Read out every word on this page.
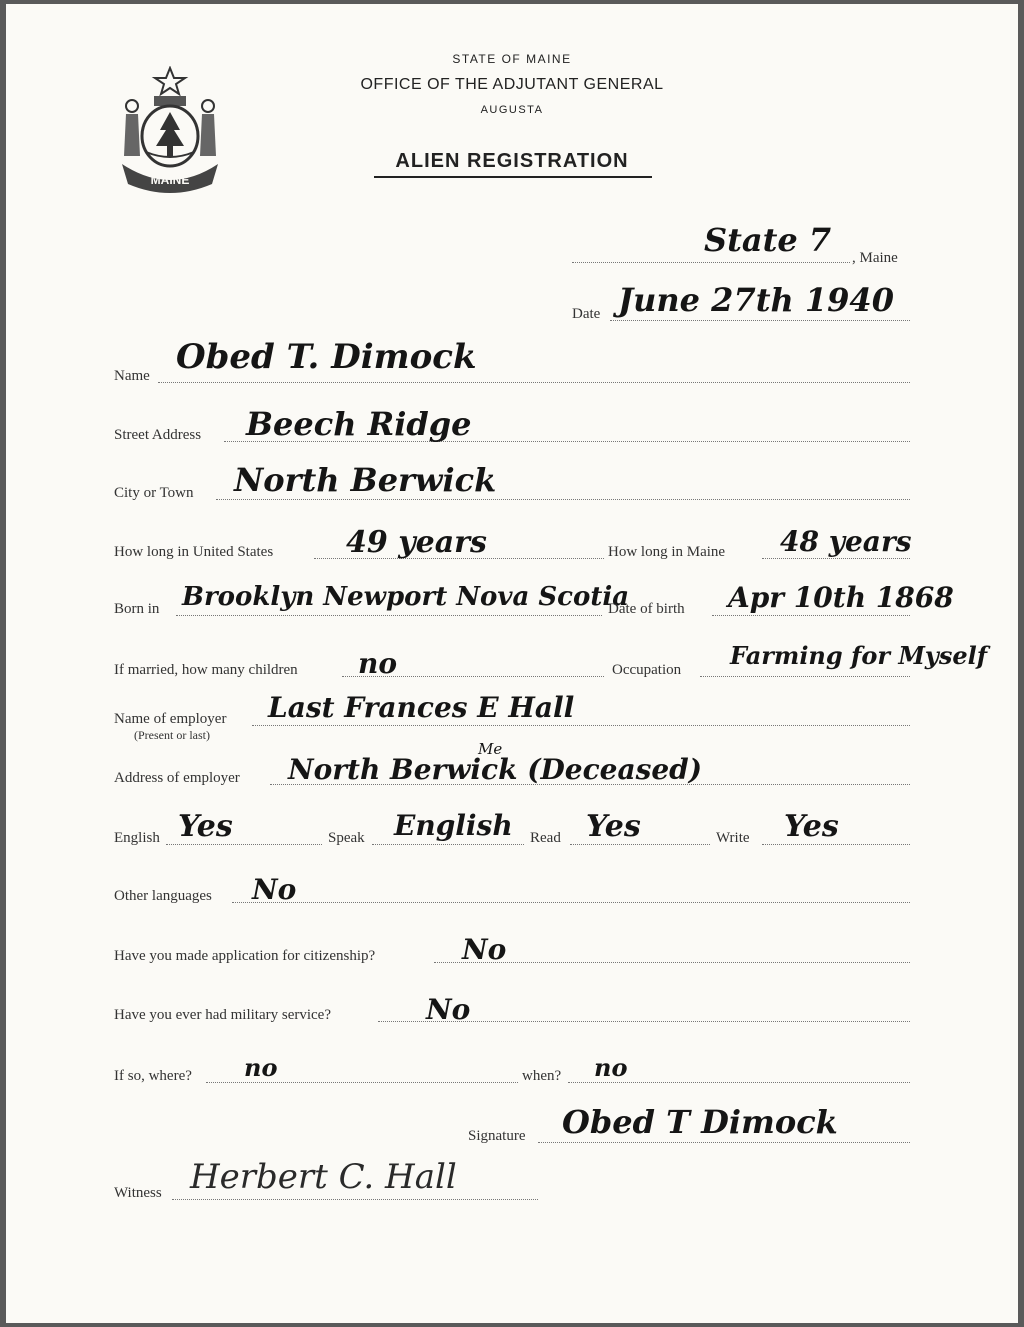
MAINE
STATE OF MAINE
OFFICE OF THE ADJUTANT GENERAL
AUGUSTA
ALIEN REGISTRATION
State 7 , Maine
Date June 27th 1940
Name Obed T. Dimock
Street Address Beech Ridge
City or Town North Berwick
How long in United States 49 years	How long in Maine 48 years
Born in Brooklyn Newport Nova Scotia
Date of birth Apr 10th 1868
If married, how many children no	Occupation Farming for Myself
Name of employer
(Present or last)
Last Frances E Hall
Address of employer
Me
North Berwick (Deceased)
English Yes	Speak English Read Yes	Write Yes
Other languages No
Have you made application for citizenship?	No
Have you ever had military service?	No
If so, where? no	when? no
Signature Obed T Dimock
Witness Herbert C. Hall
